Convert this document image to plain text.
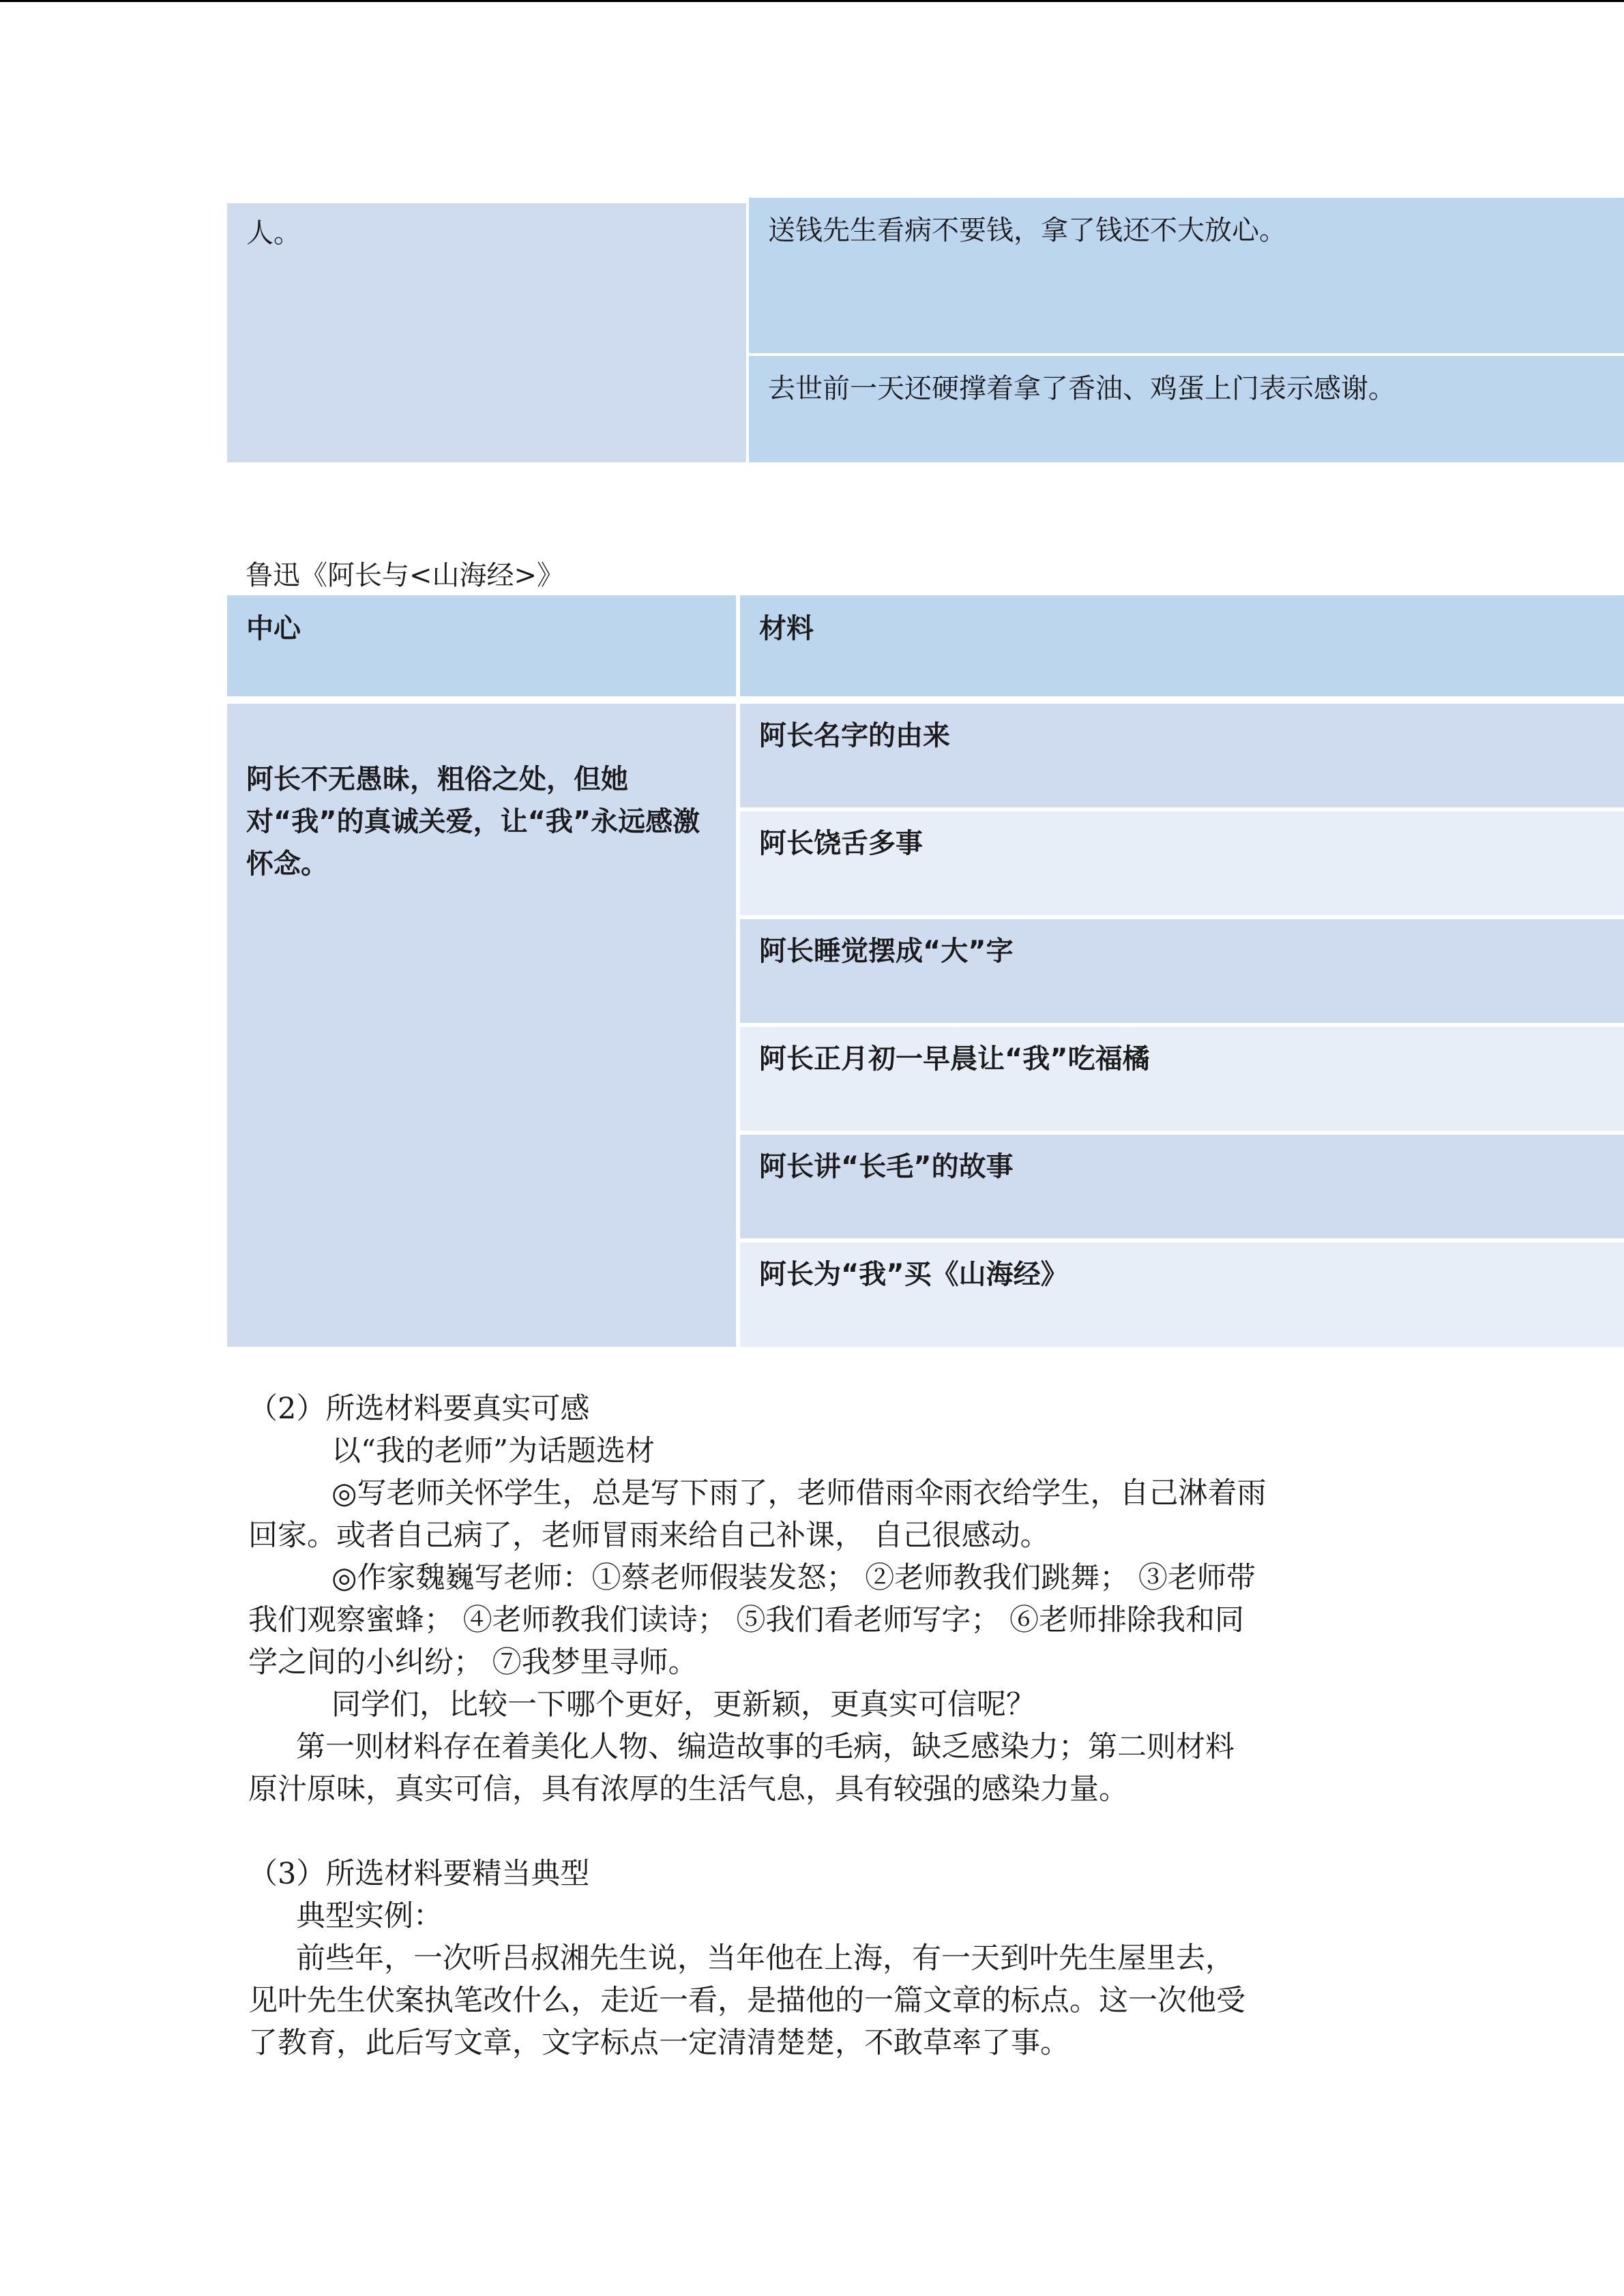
人。	送钱先生看病不要钱，拿了钱还不大放心。
去世前一天还硬撑着拿了香油、鸡蛋上门表示感谢。
鲁迅《阿长与<山海经>》
中心	材料
阿长不无愚昧，粗俗之处，但她对“我”的真诚关爱，让“我”永远感激怀念。
阿长名字的由来
阿长饶舌多事
阿长睡觉摆成“大”字
阿长正月初一早晨让“我”吃福橘
阿长讲“长毛”的故事
阿长为“我”买《山海经》

（2）所选材料要真实可感

以“我的老师”为话题选材

◎写老师关怀学生，总是写下雨了，老师借雨伞雨衣给学生，自己淋着雨

回家。或者自己病了，老师冒雨来给自己补课， 自己很感动。

◎作家魏巍写老师：①蔡老师假装发怒； ②老师教我们跳舞； ③老师带

我们观察蜜蜂； ④老师教我们读诗； ⑤我们看老师写字； ⑥老师排除我和同

学之间的小纠纷； ⑦我梦里寻师。

同学们，比较一下哪个更好，更新颖，更真实可信呢？

第一则材料存在着美化人物、编造故事的毛病，缺乏感染力；第二则材料

原汁原味，真实可信，具有浓厚的生活气息，具有较强的感染力量。

（3）所选材料要精当典型

典型实例：

前些年，一次听吕叔湘先生说，当年他在上海，有一天到叶先生屋里去，

见叶先生伏案执笔改什么，走近一看，是描他的一篇文章的标点。这一次他受

了教育，此后写文章，文字标点一定清清楚楚，不敢草率了事。
